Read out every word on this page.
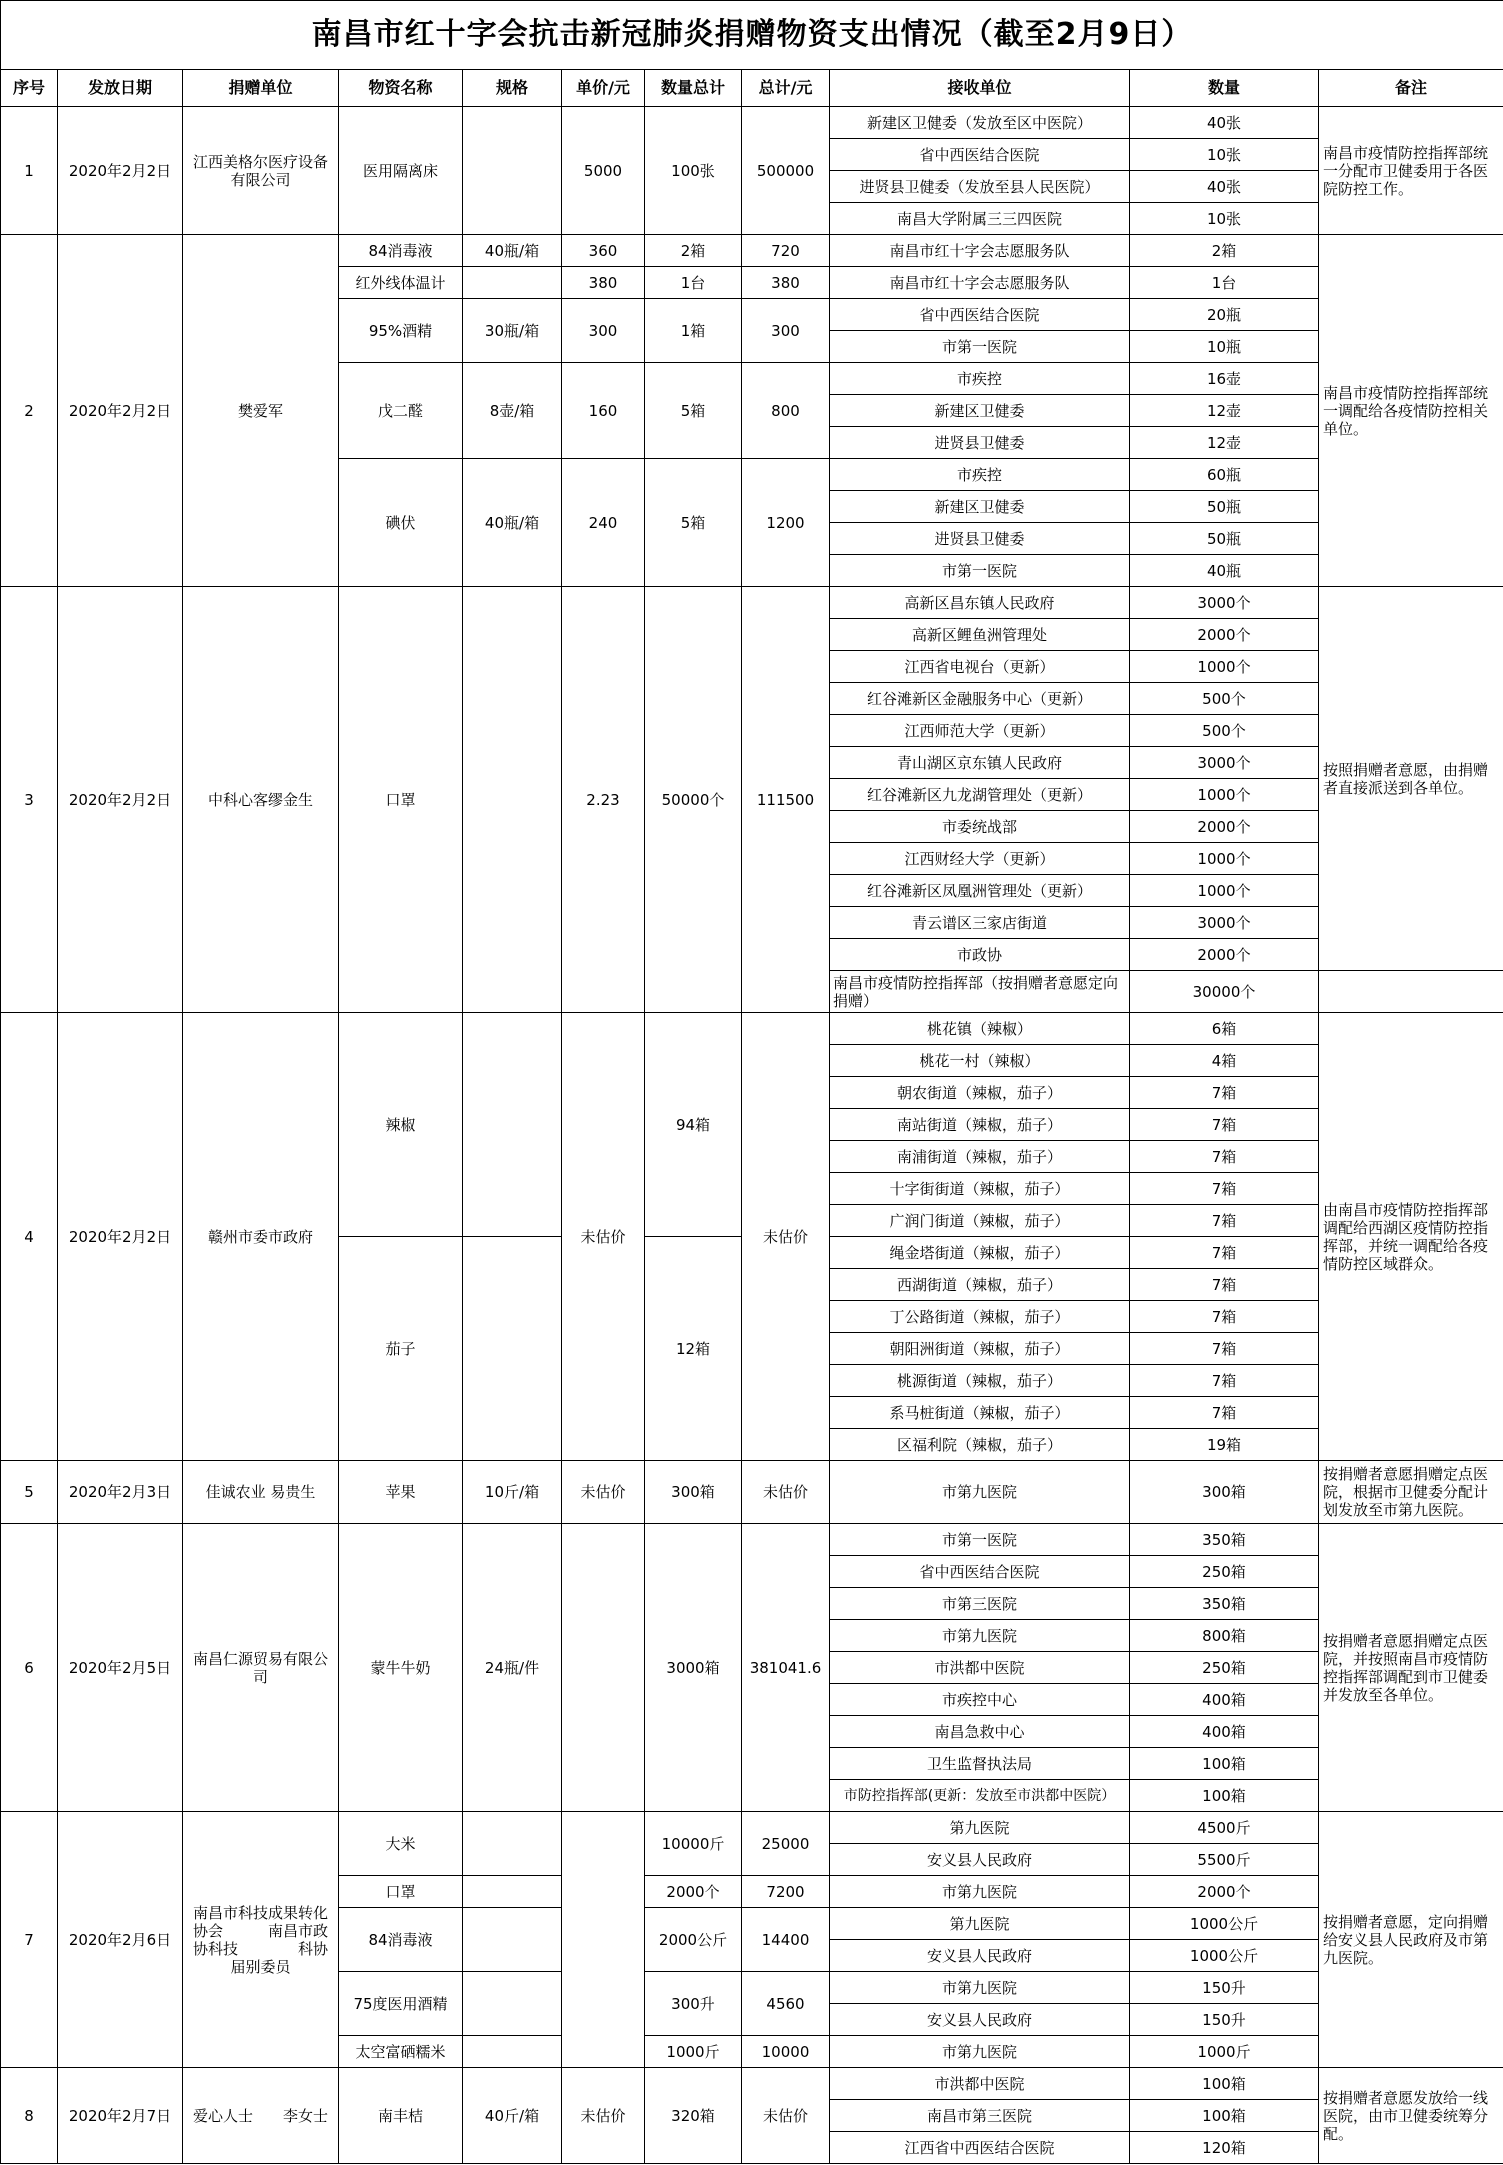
南昌市红十字会抗击新冠肺炎捐赠物资支出情况（截至2月9日）										
序号	发放日期	捐赠单位	物资名称	规格	单价/元	数量总计	总计/元	接收单位	数量	备注
1	2020年2月2日	江西美格尔医疗设备有限公司	医用隔离床		5000	100张	500000	新建区卫健委（发放至区中医院）	40张	南昌市疫情防控指挥部统一分配市卫健委用于各医院防控工作。
								省中西医结合医院	10张	
								进贤县卫健委（发放至县人民医院）	40张	
								南昌大学附属三三四医院	10张	
2	2020年2月2日	樊爱军	84消毒液	40瓶/箱	360	2箱	720	南昌市红十字会志愿服务队	2箱	南昌市疫情防控指挥部统一调配给各疫情防控相关单位。
			红外线体温计		380	1台	380	南昌市红十字会志愿服务队	1台	
			95%酒精	30瓶/箱	300	1箱	300	省中西医结合医院	20瓶	
								市第一医院	10瓶	
			戊二醛	8壶/箱	160	5箱	800	市疾控	16壶	
								新建区卫健委	12壶	
								进贤县卫健委	12壶	
			碘伏	40瓶/箱	240	5箱	1200	市疾控	60瓶	
								新建区卫健委	50瓶	
								进贤县卫健委	50瓶	
								市第一医院	40瓶	
3	2020年2月2日	中科心客缪金生	口罩		2.23	50000个	111500	高新区昌东镇人民政府	3000个	按照捐赠者意愿，由捐赠者直接派送到各单位。
								高新区鲤鱼洲管理处	2000个	
								江西省电视台（更新）	1000个	
								红谷滩新区金融服务中心（更新）	500个	
								江西师范大学（更新）	500个	
								青山湖区京东镇人民政府	3000个	
								红谷滩新区九龙湖管理处（更新）	1000个	
								市委统战部	2000个	
								江西财经大学（更新）	1000个	
								红谷滩新区凤凰洲管理处（更新）	1000个	
								青云谱区三家店街道	3000个	
								市政协	2000个	
								南昌市疫情防控指挥部（按捐赠者意愿定向捐赠）	30000个	
4	2020年2月2日	赣州市委市政府	辣椒		未估价	94箱	未估价	桃花镇（辣椒）	6箱	由南昌市疫情防控指挥部调配给西湖区疫情防控指挥部，并统一调配给各疫情防控区域群众。
								桃花一村（辣椒）	4箱	
								朝农街道（辣椒，茄子）	7箱	
								南站街道（辣椒，茄子）	7箱	
								南浦街道（辣椒，茄子）	7箱	
								十字街街道（辣椒，茄子）	7箱	
								广润门街道（辣椒，茄子）	7箱	
			茄子			12箱		绳金塔街道（辣椒，茄子）	7箱	
								西湖街道（辣椒，茄子）	7箱	
								丁公路街道（辣椒，茄子）	7箱	
								朝阳洲街道（辣椒，茄子）	7箱	
								桃源街道（辣椒，茄子）	7箱	
								系马桩街道（辣椒，茄子）	7箱	
								区福利院（辣椒，茄子）	19箱	
5	2020年2月3日	佳诚农业 易贵生	苹果	10斤/箱	未估价	300箱	未估价	市第九医院	300箱	按捐赠者意愿捐赠定点医院，根据市卫健委分配计划发放至市第九医院。
6	2020年2月5日	南昌仁源贸易有限公司	蒙牛牛奶	24瓶/件		3000箱	381041.6	市第一医院	350箱	按捐赠者意愿捐赠定点医院，并按照南昌市疫情防控指挥部调配到市卫健委并发放至各单位。
								省中西医结合医院	250箱	
								市第三医院	350箱	
								市第九医院	800箱	
								市洪都中医院	250箱	
								市疾控中心	400箱	
								南昌急救中心	400箱	
								卫生监督执法局	100箱	
								市防控指挥部(更新：发放至市洪都中医院）	100箱	
7	2020年2月6日	南昌市科技成果转化协会　　　南昌市政协科技　　　　科协届别委员	大米			10000斤	25000	第九医院	4500斤	按捐赠者意愿，定向捐赠给安义县人民政府及市第九医院。
								安义县人民政府	5500斤	
			口罩			2000个	7200	市第九医院	2000个	
			84消毒液			2000公斤	14400	第九医院	1000公斤	
								安义县人民政府	1000公斤	
			75度医用酒精			300升	4560	市第九医院	150升	
								安义县人民政府	150升	
			太空富硒糯米			1000斤	10000	市第九医院	1000斤	
8	2020年2月7日	爱心人士　　李女士	南丰桔	40斤/箱	未估价	320箱	未估价	市洪都中医院	100箱	按捐赠者意愿发放给一线医院，由市卫健委统筹分配。
								南昌市第三医院	100箱	
								江西省中西医结合医院	120箱	
